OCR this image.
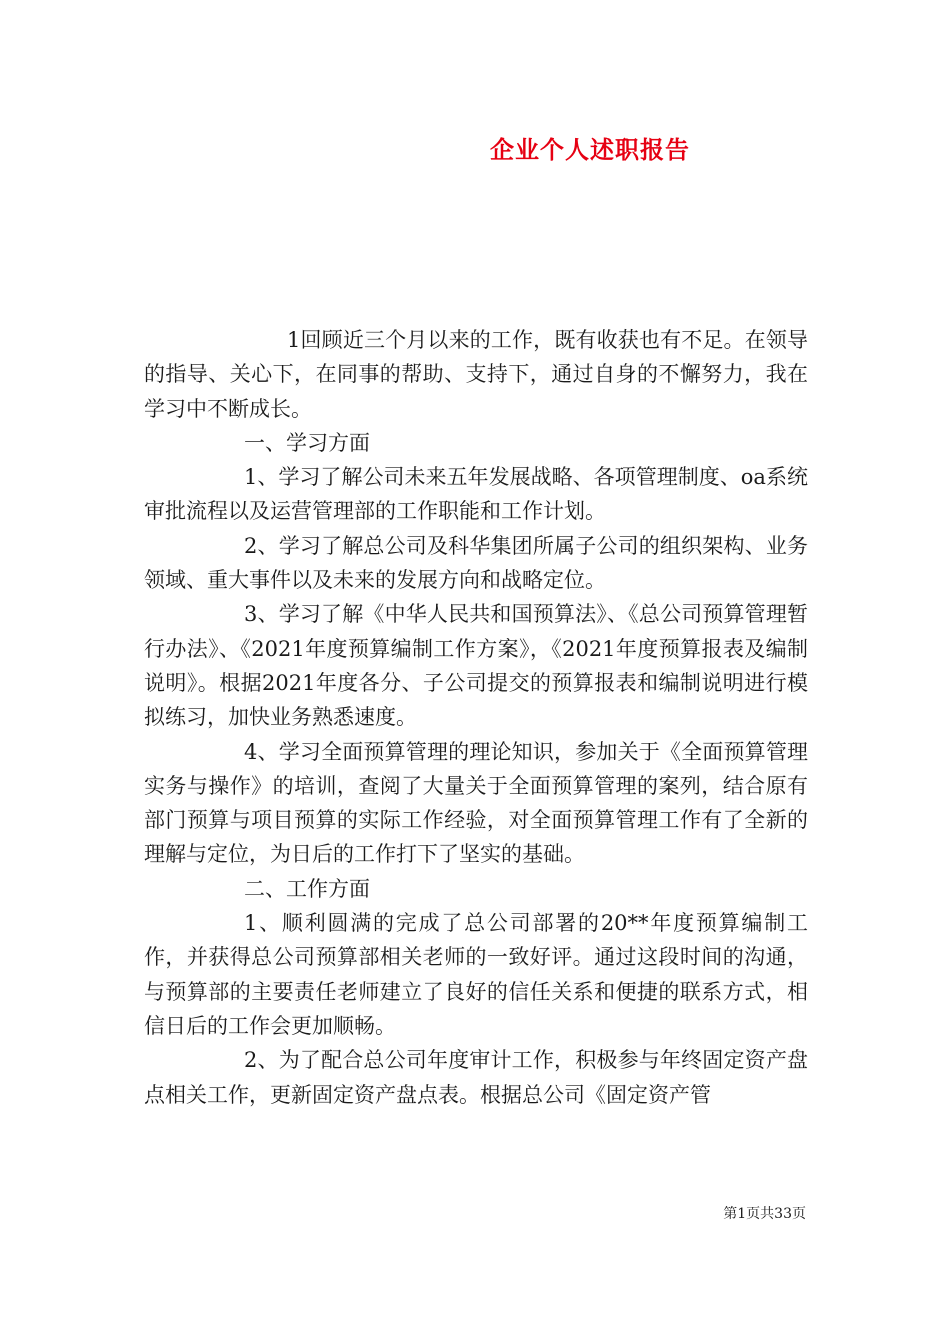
企业个人述职报告

1回顾近三个月以来的工作，既有收获也有不足。在领导的指导、关心下，在同事的帮助、支持下，通过自身的不懈努力，我在学习中不断成长。

一、学习方面

1、学习了解公司未来五年发展战略、各项管理制度、oa系统审批流程以及运营管理部的工作职能和工作计划。

2、学习了解总公司及科华集团所属子公司的组织架构、业务领域、重大事件以及未来的发展方向和战略定位。

3、学习了解《中华人民共和国预算法》、《总公司预算管理暂行办法》、《2021年度预算编制工作方案》，《2021年度预算报表及编制说明》。根据2021年度各分、子公司提交的预算报表和编制说明进行模拟练习，加快业务熟悉速度。

4、学习全面预算管理的理论知识，参加关于《全面预算管理实务与操作》的培训，查阅了大量关于全面预算管理的案列，结合原有部门预算与项目预算的实际工作经验，对全面预算管理工作有了全新的理解与定位，为日后的工作打下了坚实的基础。

二、工作方面

1、顺利圆满的完成了总公司部署的20**年度预算编制工作，并获得总公司预算部相关老师的一致好评。通过这段时间的沟通，与预算部的主要责任老师建立了良好的信任关系和便捷的联系方式，相信日后的工作会更加顺畅。

2、为了配合总公司年度审计工作，积极参与年终固定资产盘点相关工作，更新固定资产盘点表。根据总公司《固定资产管

第1页共33页
